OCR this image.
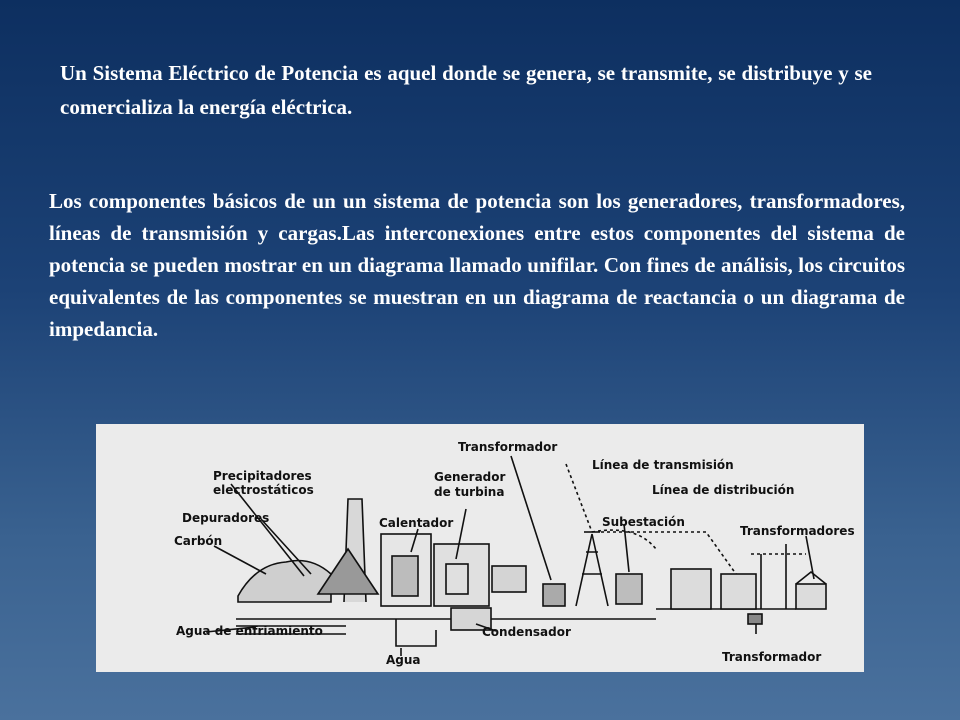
Un Sistema Eléctrico de Potencia es aquel donde se genera, se transmite, se distribuye y se comercializa la energía eléctrica.

Los componentes básicos de un un sistema de potencia son los generadores, transformadores, líneas de transmisión y cargas.Las interconexiones entre estos componentes del sistema de potencia se pueden mostrar en un diagrama llamado unifilar. Con fines de análisis, los circuitos equivalentes de las componentes se muestran en un diagrama de reactancia o un diagrama de impedancia.

Precipitadores
electrostáticos
Depuradores
Carbón
Calentador
Generador
de turbina
Transformador
Línea de transmisión
Línea de distribución
Subestación
Transformadores
Agua de enfriamiento	Condensador
Agua	Transformador
